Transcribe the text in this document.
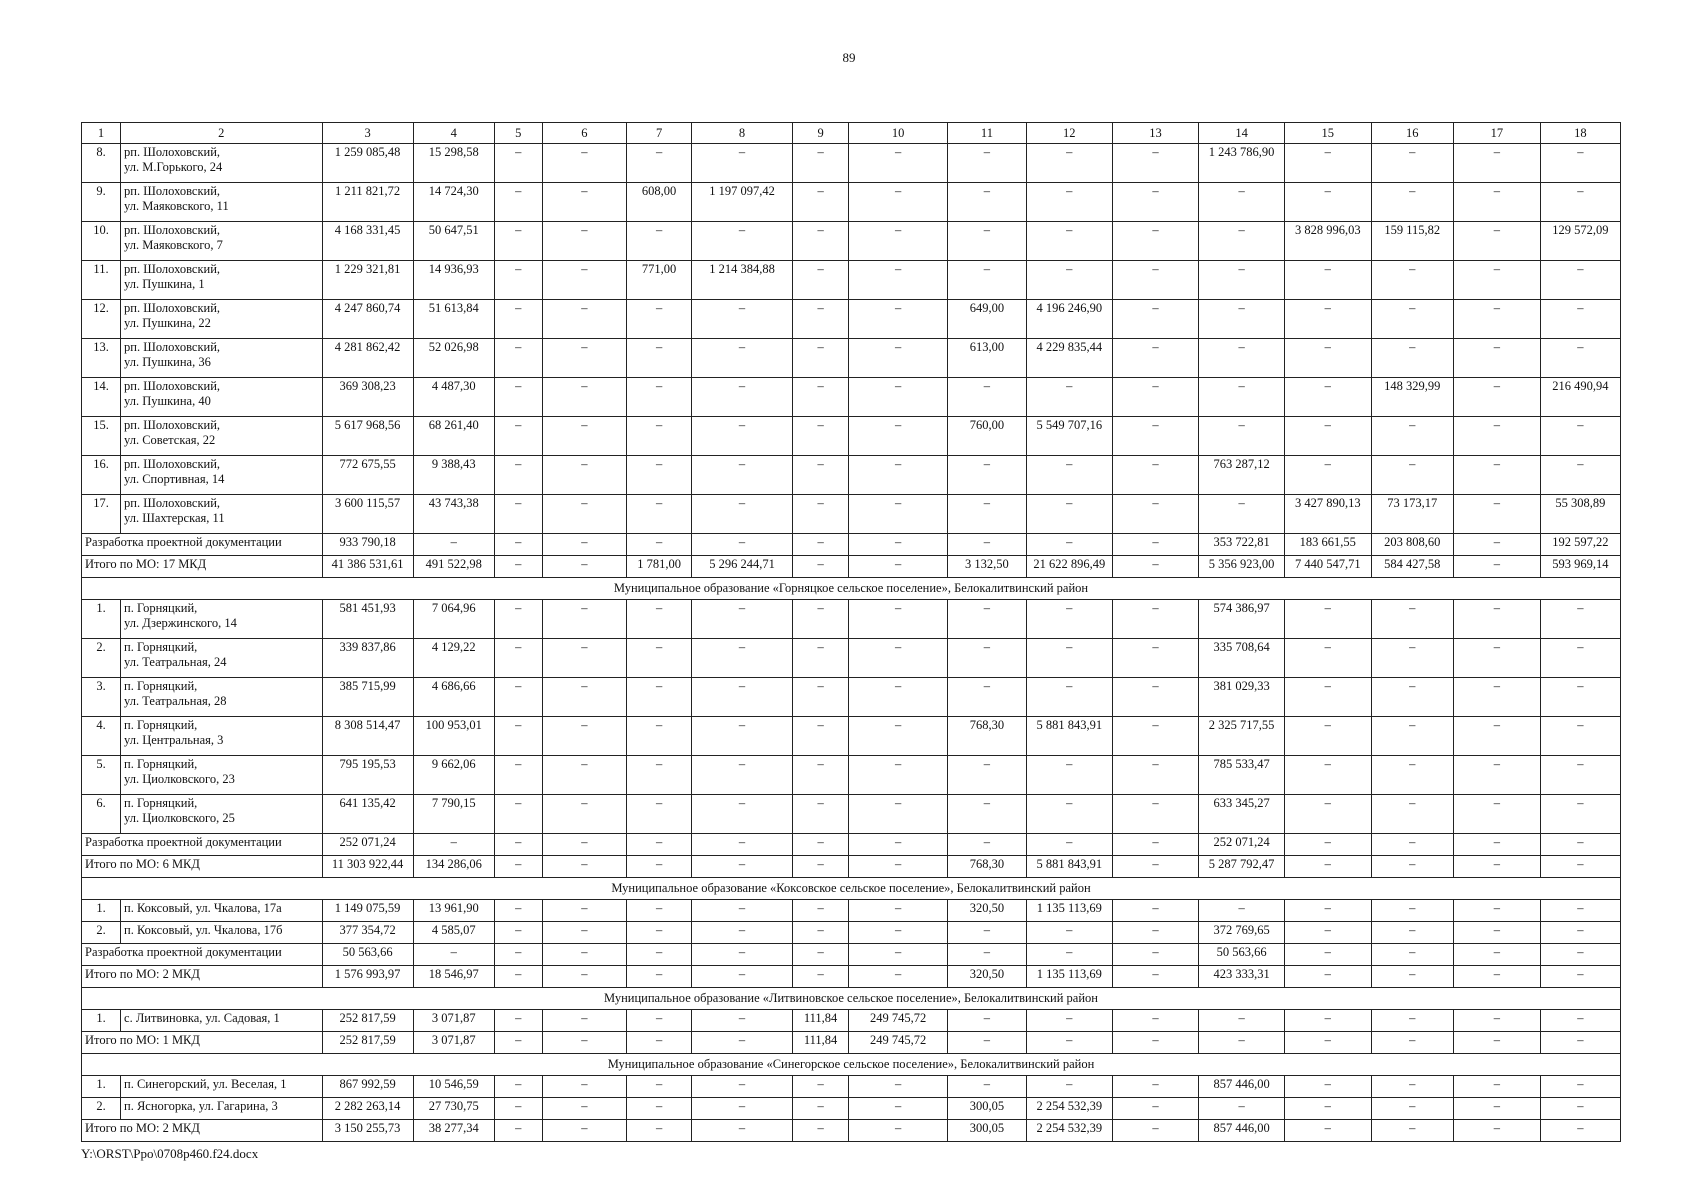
89
1	2	3	4	5	6	7	8	9	10	11	12	13	14	15	16	17	18
8.	рп. Шолоховский,
ул. М.Горького, 24	1 259 085,48	15 298,58	–	–	–	–	–	–	–	–	–	1 243 786,90	–	–	–	–
9.	рп. Шолоховский,
ул. Маяковского, 11	1 211 821,72	14 724,30	–	–	608,00	1 197 097,42	–	–	–	–	–	–	–	–	–	–
10.	рп. Шолоховский,
ул. Маяковского, 7	4 168 331,45	50 647,51	–	–	–	–	–	–	–	–	–	–	3 828 996,03	159 115,82	–	129 572,09
11.	рп. Шолоховский,
ул. Пушкина, 1	1 229 321,81	14 936,93	–	–	771,00	1 214 384,88	–	–	–	–	–	–	–	–	–	–
12.	рп. Шолоховский,
ул. Пушкина, 22	4 247 860,74	51 613,84	–	–	–	–	–	–	649,00	4 196 246,90	–	–	–	–	–	–
13.	рп. Шолоховский,
ул. Пушкина, 36	4 281 862,42	52 026,98	–	–	–	–	–	–	613,00	4 229 835,44	–	–	–	–	–	–
14.	рп. Шолоховский,
ул. Пушкина, 40	369 308,23	4 487,30	–	–	–	–	–	–	–	–	–	–	–	148 329,99	–	216 490,94
15.	рп. Шолоховский,
ул. Советская, 22	5 617 968,56	68 261,40	–	–	–	–	–	–	760,00	5 549 707,16	–	–	–	–	–	–
16.	рп. Шолоховский,
ул. Спортивная, 14	772 675,55	9 388,43	–	–	–	–	–	–	–	–	–	763 287,12	–	–	–	–
17.	рп. Шолоховский,
ул. Шахтерская, 11	3 600 115,57	43 743,38	–	–	–	–	–	–	–	–	–	–	3 427 890,13	73 173,17	–	55 308,89
Разработка проектной документации		933 790,18	–	–	–	–	–	–	–	–	–	–	353 722,81	183 661,55	203 808,60	–	192 597,22
Итого по МО: 17 МКД		41 386 531,61	491 522,98	–	–	1 781,00	5 296 244,71	–	–	3 132,50	21 622 896,49	–	5 356 923,00	7 440 547,71	584 427,58	–	593 969,14
Муниципальное образование «Горняцкое сельское поселение», Белокалитвинский район																	
1.	п. Горняцкий,
ул. Дзержинского, 14	581 451,93	7 064,96	–	–	–	–	–	–	–	–	–	574 386,97	–	–	–	–
2.	п. Горняцкий,
ул. Театральная, 24	339 837,86	4 129,22	–	–	–	–	–	–	–	–	–	335 708,64	–	–	–	–
3.	п. Горняцкий,
ул. Театральная, 28	385 715,99	4 686,66	–	–	–	–	–	–	–	–	–	381 029,33	–	–	–	–
4.	п. Горняцкий,
ул. Центральная, 3	8 308 514,47	100 953,01	–	–	–	–	–	–	768,30	5 881 843,91	–	2 325 717,55	–	–	–	–
5.	п. Горняцкий,
ул. Циолковского, 23	795 195,53	9 662,06	–	–	–	–	–	–	–	–	–	785 533,47	–	–	–	–
6.	п. Горняцкий,
ул. Циолковского, 25	641 135,42	7 790,15	–	–	–	–	–	–	–	–	–	633 345,27	–	–	–	–
Разработка проектной документации		252 071,24	–	–	–	–	–	–	–	–	–	–	252 071,24	–	–	–	–
Итого по МО: 6 МКД		11 303 922,44	134 286,06	–	–	–	–	–	–	768,30	5 881 843,91	–	5 287 792,47	–	–	–	–
Муниципальное образование «Коксовское сельское поселение», Белокалитвинский район																	
1.	п. Коксовый, ул. Чкалова, 17а	1 149 075,59	13 961,90	–	–	–	–	–	–	320,50	1 135 113,69	–	–	–	–	–	–
2.	п. Коксовый, ул. Чкалова, 17б	377 354,72	4 585,07	–	–	–	–	–	–	–	–	–	372 769,65	–	–	–	–
Разработка проектной документации		50 563,66	–	–	–	–	–	–	–	–	–	–	50 563,66	–	–	–	–
Итого по МО: 2 МКД		1 576 993,97	18 546,97	–	–	–	–	–	–	320,50	1 135 113,69	–	423 333,31	–	–	–	–
Муниципальное образование «Литвиновское сельское поселение», Белокалитвинский район																	
1.	с. Литвиновка, ул. Садовая, 1	252 817,59	3 071,87	–	–	–	–	111,84	249 745,72	–	–	–	–	–	–	–	–
Итого по МО: 1 МКД		252 817,59	3 071,87	–	–	–	–	111,84	249 745,72	–	–	–	–	–	–	–	–
Муниципальное образование «Синегорское сельское поселение», Белокалитвинский район																	
1.	п. Синегорский, ул. Веселая, 1	867 992,59	10 546,59	–	–	–	–	–	–	–	–	–	857 446,00	–	–	–	–
2.	п. Ясногорка, ул. Гагарина, 3	2 282 263,14	27 730,75	–	–	–	–	–	–	300,05	2 254 532,39	–	–	–	–	–	–
Итого по МО: 2 МКД		3 150 255,73	38 277,34	–	–	–	–	–	–	300,05	2 254 532,39	–	857 446,00	–	–	–	–
Y:\ORST\Ppo\0708p460.f24.docx
